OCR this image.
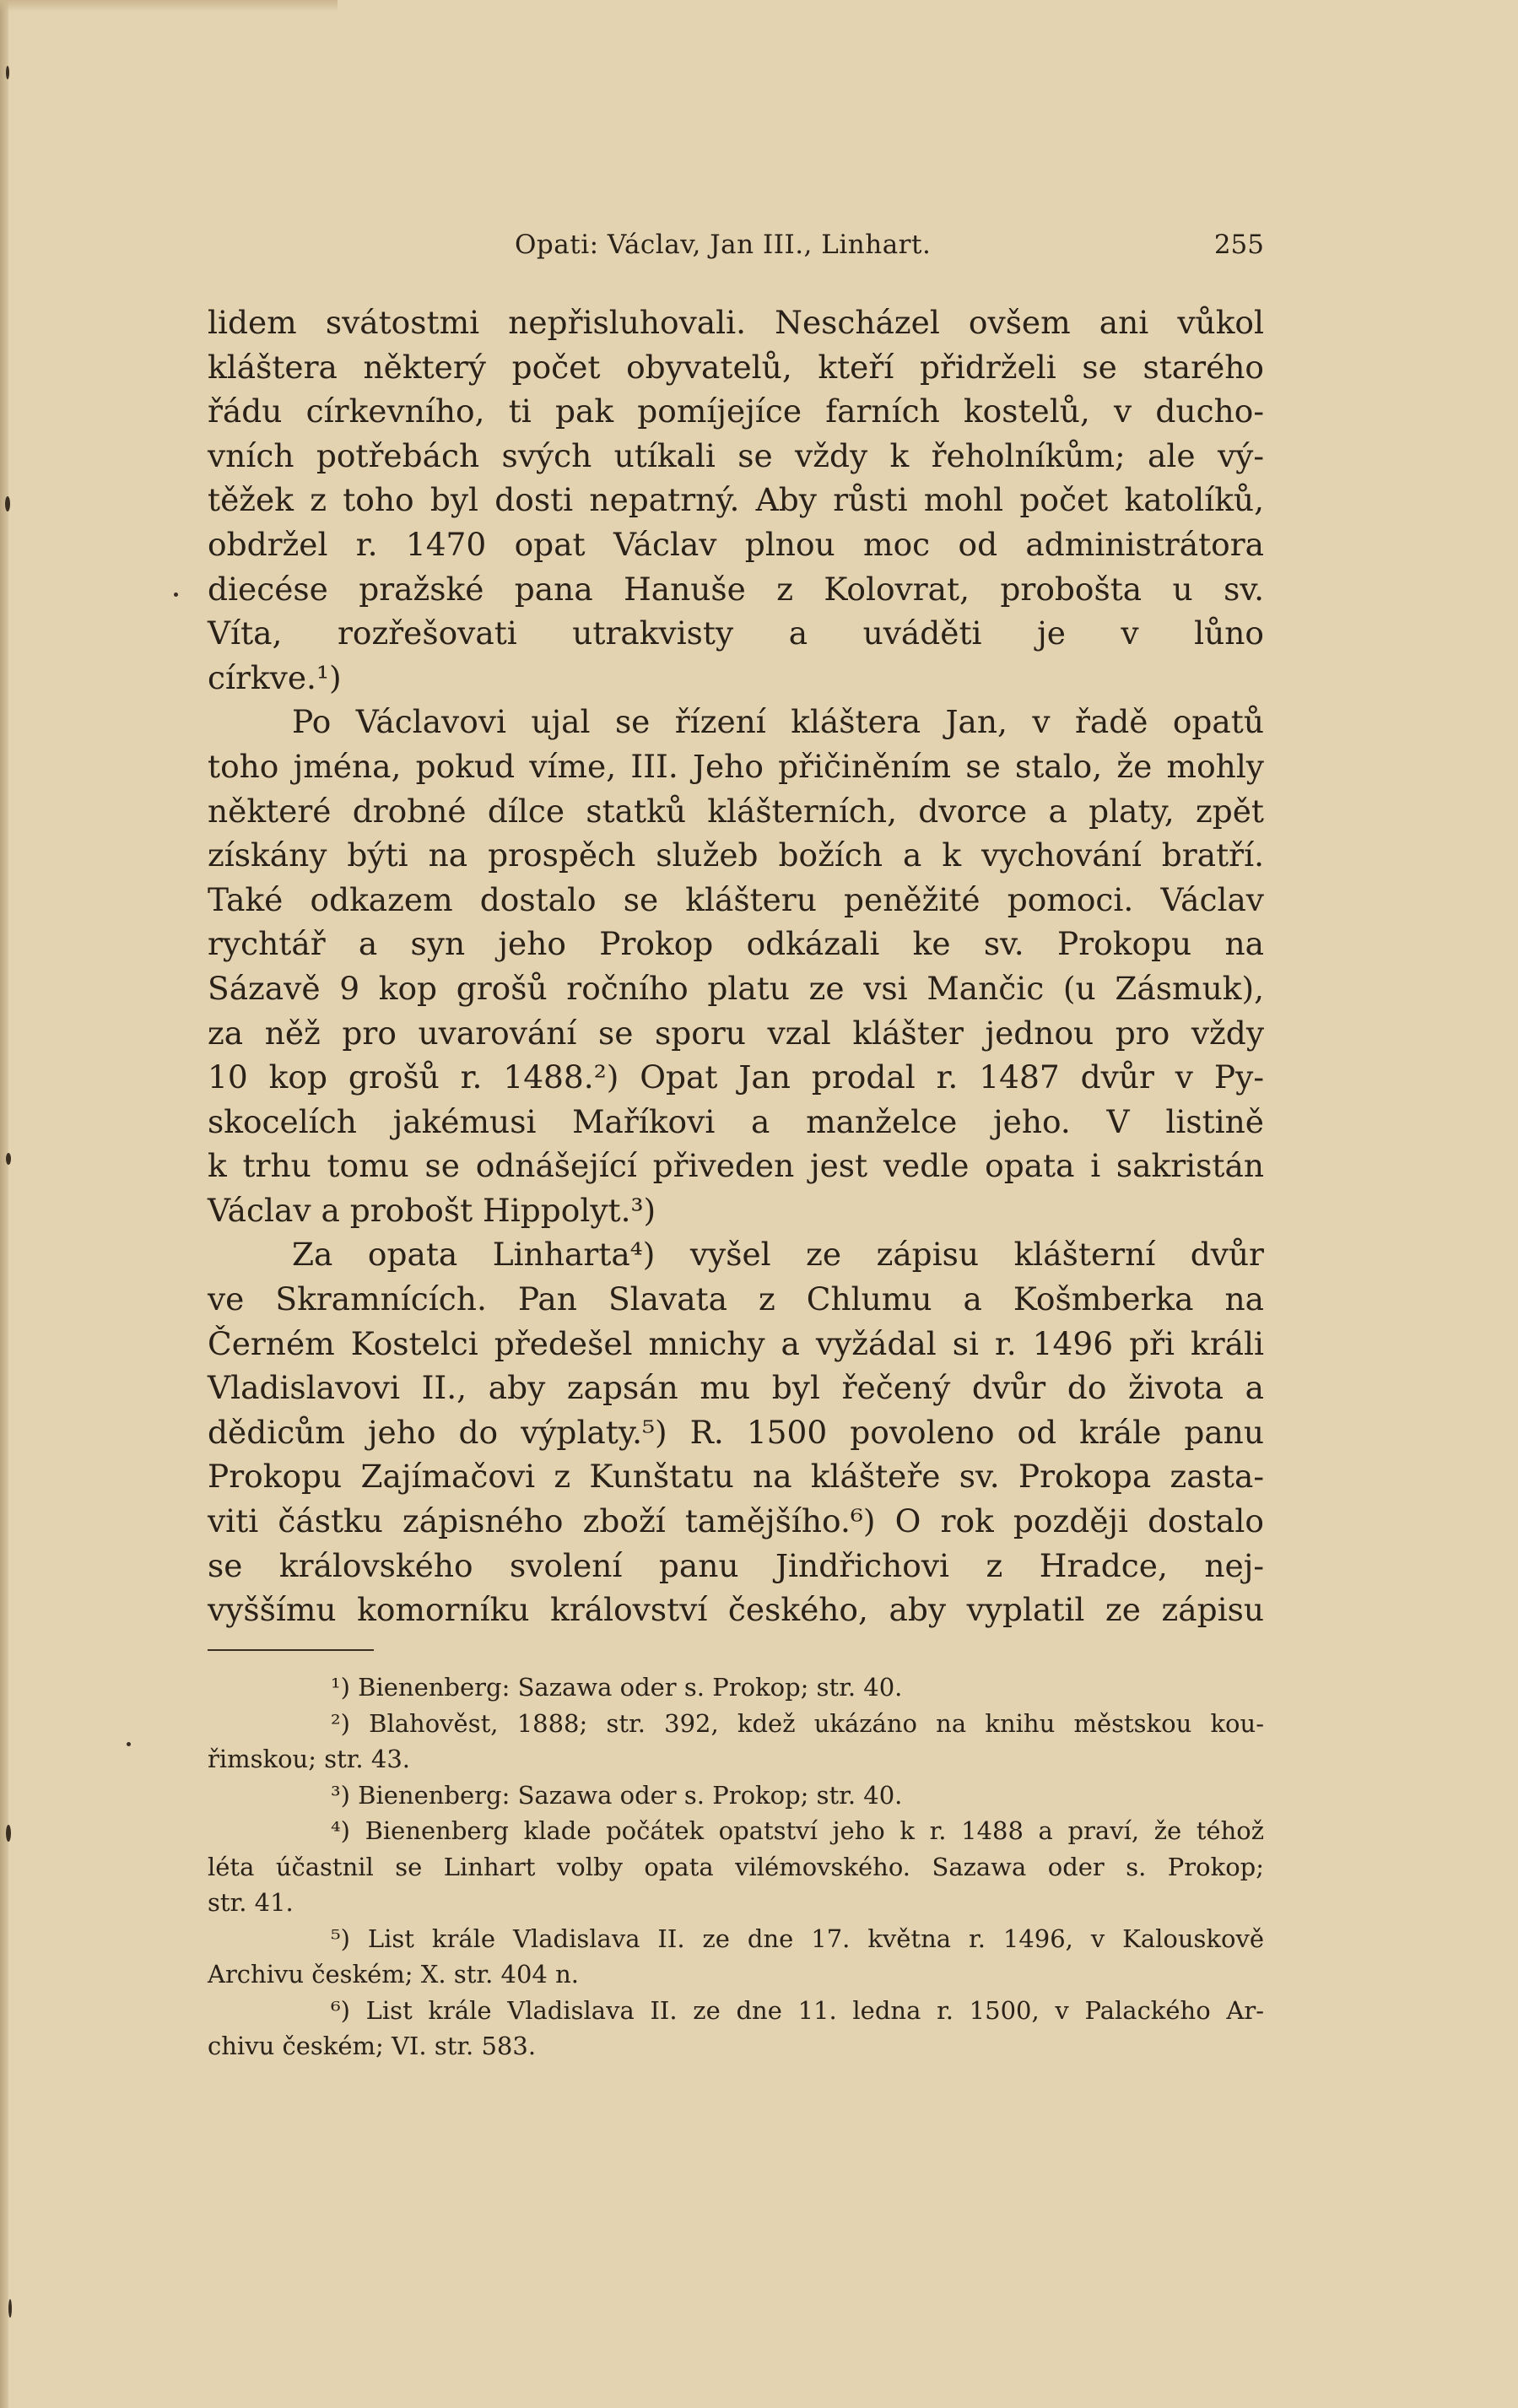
Opati: Václav, Jan III., Linhart.	255
lidem svátostmi nepřisluhovali. Nescházel ovšem ani vůkol
kláštera některý počet obyvatelů, kteří přidrželi se starého
řádu církevního, ti pak pomíjejíce farních kostelů, v ducho-
vních potřebách svých utíkali se vždy k řeholníkům; ale vý-
těžek z toho byl dosti nepatrný. Aby růsti mohl počet katolíků,
obdržel r. 1470 opat Václav plnou moc od administrátora
diecése pražské pana Hanuše z Kolovrat, probošta u sv.
Víta, rozřešovati utrakvisty a uváděti je v lůno
církve.¹)
Po Václavovi ujal se řízení kláštera Jan, v řadě opatů
toho jména, pokud víme, III. Jeho přičiněním se stalo, že mohly
některé drobné dílce statků klášterních, dvorce a platy, zpět
získány býti na prospěch služeb božích a k vychování bratří.
Také odkazem dostalo se klášteru peněžité pomoci. Václav
rychtář a syn jeho Prokop odkázali ke sv. Prokopu na
Sázavě 9 kop grošů ročního platu ze vsi Mančic (u Zásmuk),
za něž pro uvarování se sporu vzal klášter jednou pro vždy
10 kop grošů r. 1488.²) Opat Jan prodal r. 1487 dvůr v Py-
skocelích jakémusi Maříkovi a manželce jeho. V listině
k trhu tomu se odnášející přiveden jest vedle opata i sakristán
Václav a probošt Hippolyt.³)
Za opata Linharta⁴) vyšel ze zápisu klášterní dvůr
ve Skramnících. Pan Slavata z Chlumu a Košmberka na
Černém Kostelci předešel mnichy a vyžádal si r. 1496 při králi
Vladislavovi II., aby zapsán mu byl řečený dvůr do života a
dědicům jeho do výplaty.⁵) R. 1500 povoleno od krále panu
Prokopu Zajímačovi z Kunštatu na klášteře sv. Prokopa zasta-
viti částku zápisného zboží tamějšího.⁶) O rok později dostalo
se královského svolení panu Jindřichovi z Hradce, nej-
vyššímu komorníku království českého, aby vyplatil ze zápisu
¹) Bienenberg: Sazawa oder s. Prokop; str. 40.
²) Blahověst, 1888; str. 392, kdež ukázáno na knihu městskou kou-
řimskou; str. 43.
³) Bienenberg: Sazawa oder s. Prokop; str. 40.
⁴) Bienenberg klade počátek opatství jeho k r. 1488 a praví, že téhož
léta účastnil se Linhart volby opata vilémovského. Sazawa oder s. Prokop;
str. 41.
⁵) List krále Vladislava II. ze dne 17. května r. 1496, v Kalouskově
Archivu českém; X. str. 404 n.
⁶) List krále Vladislava II. ze dne 11. ledna r. 1500, v Palackého Ar-
chivu českém; VI. str. 583.
